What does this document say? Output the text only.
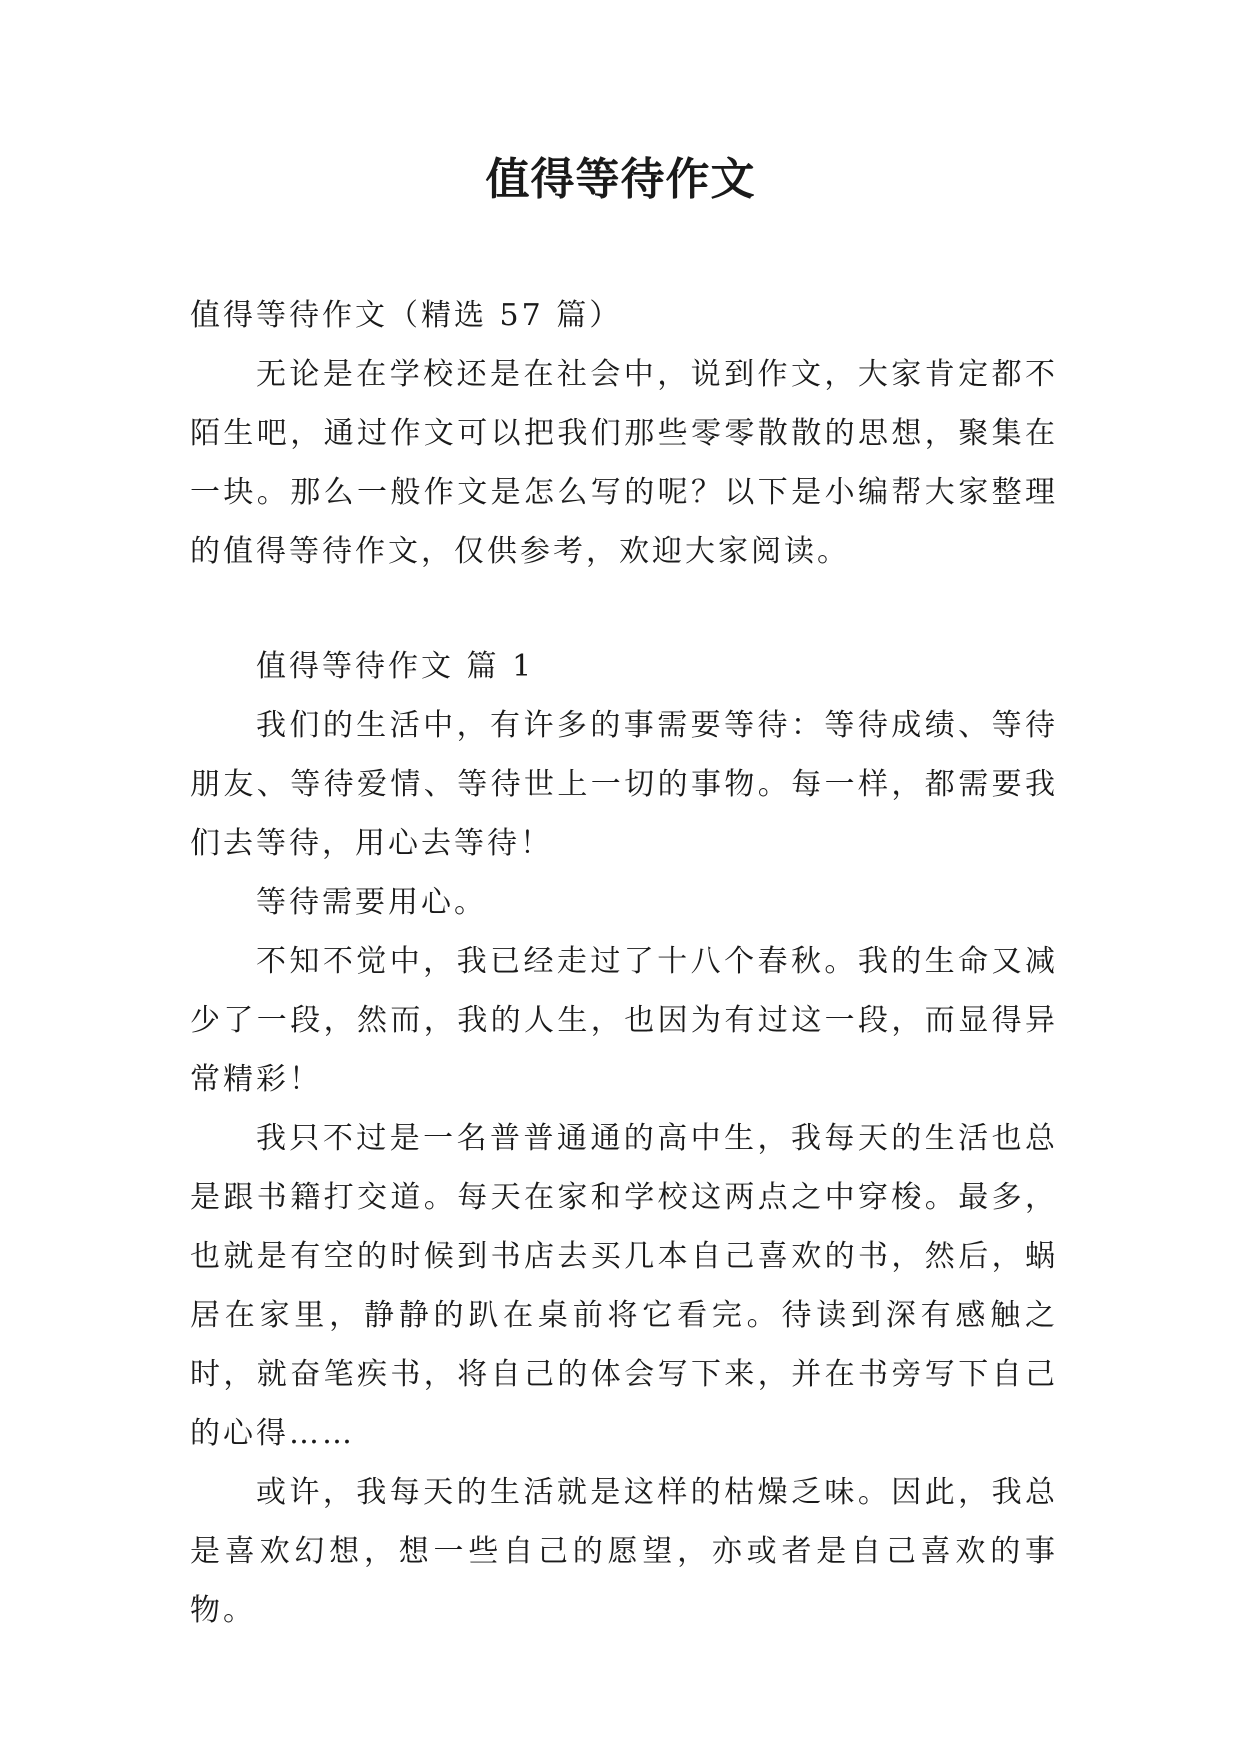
值得等待作文

值得等待作文（精选 57 篇）

无论是在学校还是在社会中，说到作文，大家肯定都不陌生吧，通过作文可以把我们那些零零散散的思想，聚集在一块。那么一般作文是怎么写的呢？以下是小编帮大家整理的值得等待作文，仅供参考，欢迎大家阅读。

值得等待作文 篇 1

我们的生活中，有许多的事需要等待：等待成绩、等待朋友、等待爱情、等待世上一切的事物。每一样，都需要我们去等待，用心去等待！

等待需要用心。

不知不觉中，我已经走过了十八个春秋。我的生命又减少了一段，然而，我的人生，也因为有过这一段，而显得异常精彩！

我只不过是一名普普通通的高中生，我每天的生活也总是跟书籍打交道。每天在家和学校这两点之中穿梭。最多，也就是有空的时候到书店去买几本自己喜欢的书，然后，蜗居在家里，静静的趴在桌前将它看完。待读到深有感触之时，就奋笔疾书，将自己的体会写下来，并在书旁写下自己的心得……

或许，我每天的生活就是这样的枯燥乏味。因此，我总是喜欢幻想，想一些自己的愿望，亦或者是自己喜欢的事物。
